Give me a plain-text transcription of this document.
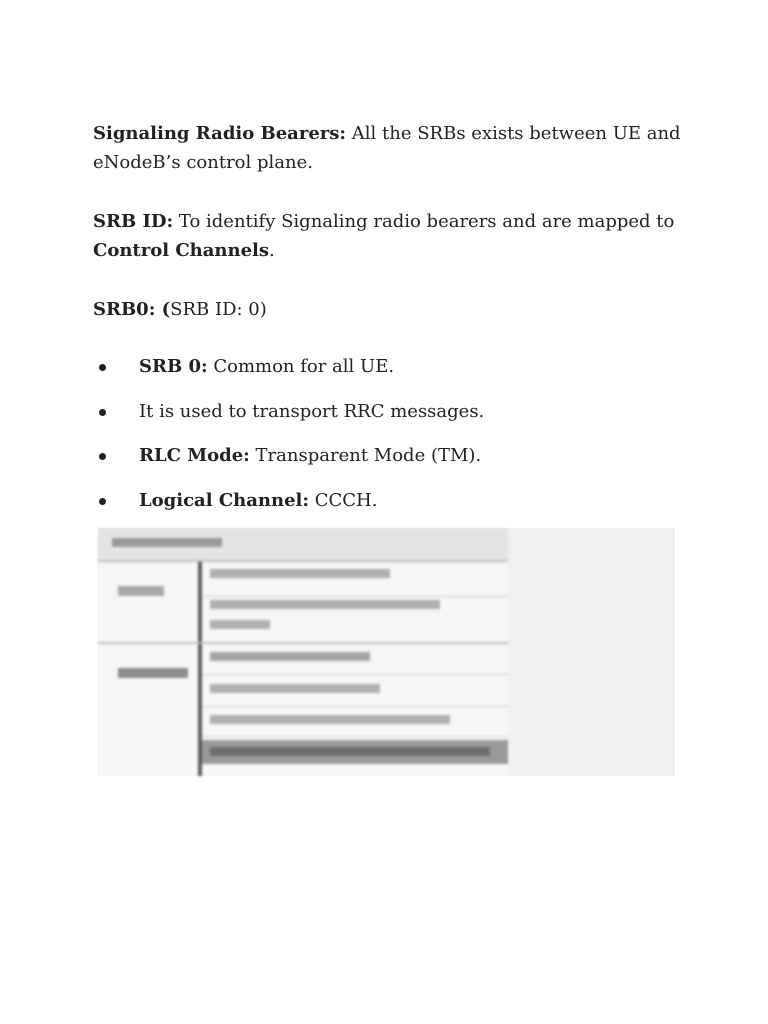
Signaling Radio Bearers: All the SRBs exists between UE and eNodeB’s control plane.
SRB ID: To identify Signaling radio bearers and are mapped to Control Channels.
SRB0: (SRB ID: 0)
SRB 0: Common for all UE.
It is used to transport RRC messages.
RLC Mode: Transparent Mode (TM).
Logical Channel: CCCH.
